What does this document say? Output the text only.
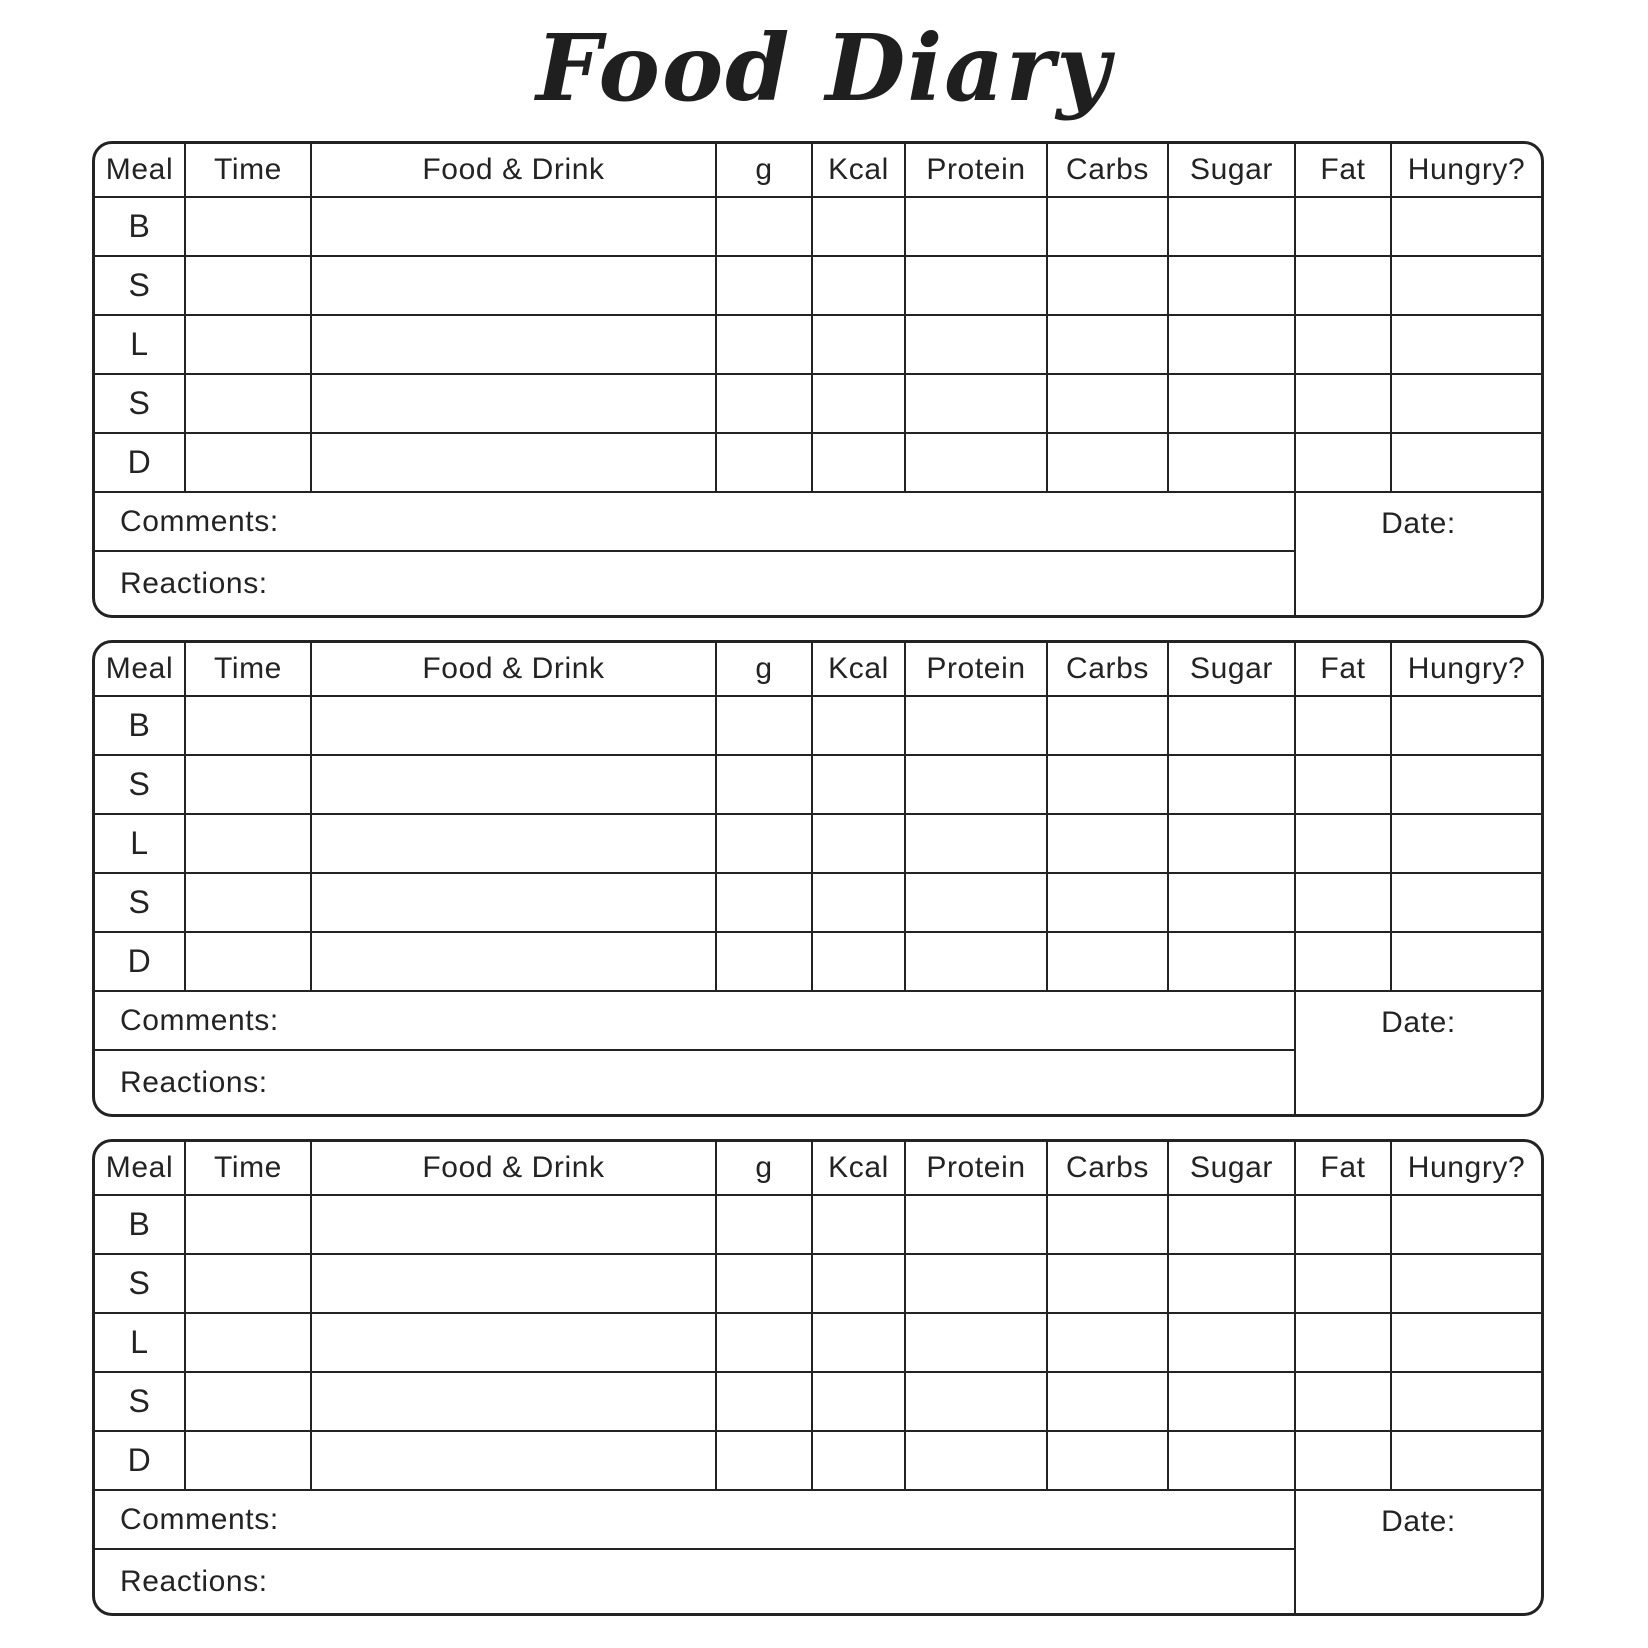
Food Diary
Meal	Time	Food & Drink	g	Kcal	Protein	Carbs	Sugar	Fat	Hungry?
B
S
L
S
D
Comments:	Date:
Reactions:
Meal	Time	Food & Drink	g	Kcal	Protein	Carbs	Sugar	Fat	Hungry?
B
S
L
S
D
Comments:	Date:
Reactions:
Meal	Time	Food & Drink	g	Kcal	Protein	Carbs	Sugar	Fat	Hungry?
B
S
L
S
D
Comments:	Date:
Reactions:
